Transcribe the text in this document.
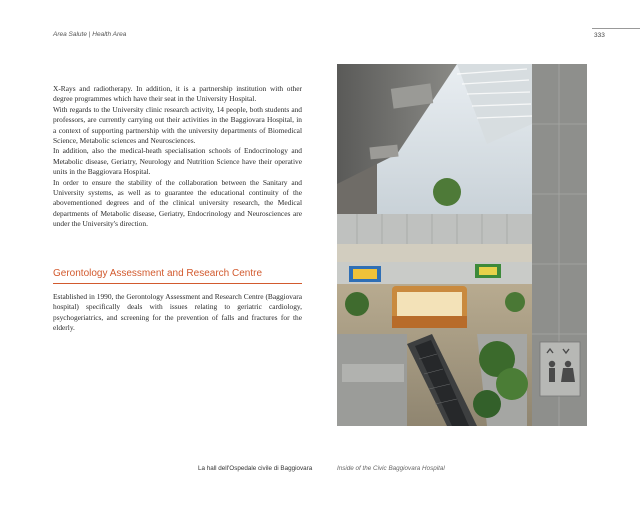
Area Salute | Health Area	333

X-Rays and radiotherapy. In addition, it is a partnership institution with other degree programmes which have their seat in the University Hospital.

With regards to the University clinic research activity, 14 people, both students and professors, are currently carrying out their activities in the Baggiovara Hospital, in a context of supporting partnership with the university departments of Biomedical Science, Metabolic sciences and Neurosciences.

In addition, also the medical-heath specialisation schools of Endocrinology and Metabolic disease, Geriatry, Neurology and Nutrition Science have their operative units in the Baggiovara Hospital.

In order to ensure the stability of the collaboration between the Sanitary and University systems, as well as to guarantee the educational continuity of the abovementioned degrees and of the clinical university research, the Medical departments of Metabolic disease, Geriatry, Endocrinology and Neurosciences are under the University's direction.

Gerontology Assessment and Research Centre

Established in 1990, the Gerontology Assessment and Research Centre (Baggiovara hospital) specifically deals with issues relating to geriatric cardiology, psychogeriatrics, and screening for the prevention of falls and fractures for the elderly.

La hall dell'Ospedale civile di Baggiovara	Inside of the Civic Baggiovara Hospital
